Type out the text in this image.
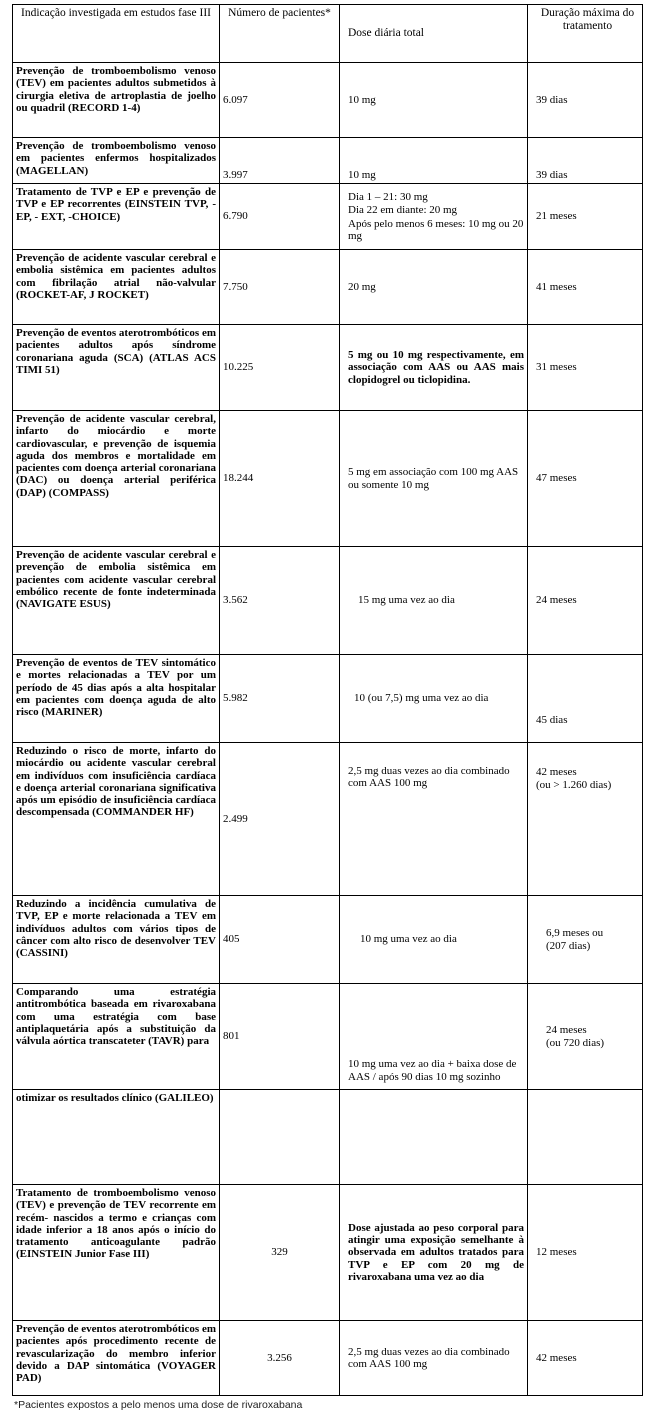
Indicação investigada em estudos fase III	Número de pacientes*	Dose diária total	Duração máxima do tratamento
Prevenção de tromboembolismo venoso (TEV) em pacientes adultos submetidos à cirurgia eletiva de artroplastia de joelho ou quadril (RECORD 1-4)	6.097	10 mg	39 dias
Prevenção de tromboembolismo venoso em pacientes enfermos hospitalizados (MAGELLAN)	3.997	10 mg	39 dias
Tratamento de TVP e EP e prevenção de TVP e EP recorrentes (EINSTEIN TVP, -EP, - EXT, -CHOICE)	6.790	Dia 1 – 21: 30 mg
Dia 22 em diante: 20 mg
Após pelo menos 6 meses: 10 mg ou 20 mg	21 meses
Prevenção de acidente vascular cerebral e embolia sistêmica em pacientes adultos com fibrilação atrial não-valvular (ROCKET-AF, J ROCKET)	7.750	20 mg	41 meses
Prevenção de eventos aterotrombóticos em pacientes adultos após síndrome coronariana aguda (SCA) (ATLAS ACS TIMI 51)	10.225	5 mg ou 10 mg respectivamente, em associação com AAS ou AAS mais clopidogrel ou ticlopidina.	31 meses
Prevenção de acidente vascular cerebral, infarto do miocárdio e morte cardiovascular, e prevenção de isquemia aguda dos membros e mortalidade em pacientes com doença arterial coronariana (DAC) ou doença arterial periférica (DAP) (COMPASS)	18.244	5 mg em associação com 100 mg AAS ou somente 10 mg	47 meses
Prevenção de acidente vascular cerebral e prevenção de embolia sistêmica em pacientes com acidente vascular cerebral embólico recente de fonte indeterminada (NAVIGATE ESUS)	3.562	15 mg uma vez ao dia	24 meses
Prevenção de eventos de TEV sintomático e mortes relacionadas a TEV por um período de 45 dias após a alta hospitalar em pacientes com doença aguda de alto risco (MARINER)	5.982	10 (ou 7,5) mg uma vez ao dia	45 dias
Reduzindo o risco de morte, infarto do miocárdio ou acidente vascular cerebral em indivíduos com insuficiência cardíaca e doença arterial coronariana significativa após um episódio de insuficiência cardíaca descompensada (COMMANDER HF)	2.499	2,5 mg duas vezes ao dia combinado com AAS 100 mg	42 meses
(ou > 1.260 dias)

Reduzindo a incidência cumulativa de TVP, EP e morte relacionada a TEV em indivíduos adultos com vários tipos de câncer com alto risco de desenvolver TEV (CASSINI)	405	10 mg uma vez ao dia	6,9 meses ou
(207 dias)

Comparando uma estratégia antitrombótica baseada em rivaroxabana com uma estratégia com base antiplaquetária após a substituição da válvula aórtica transcateter (TAVR) para	801	10 mg uma vez ao dia + baixa dose de AAS / após 90 dias 10 mg sozinho	24 meses
(ou 720 dias)

otimizar os resultados clínico (GALILEO)			
Tratamento de tromboembolismo venoso (TEV) e prevenção de TEV recorrente em recém- nascidos a termo e crianças com idade inferior a 18 anos após o início do tratamento anticoagulante padrão (EINSTEIN Junior Fase III)	329	Dose ajustada ao peso corporal para atingir uma exposição semelhante à observada em adultos tratados para TVP e EP com 20 mg de rivaroxabana uma vez ao dia	12 meses
Prevenção de eventos aterotrombóticos em pacientes após procedimento recente de revascularização do membro inferior devido a DAP sintomática (VOYAGER PAD)	3.256	2,5 mg duas vezes ao dia combinado com AAS 100 mg	42 meses
*Pacientes expostos a pelo menos uma dose de rivaroxabana
